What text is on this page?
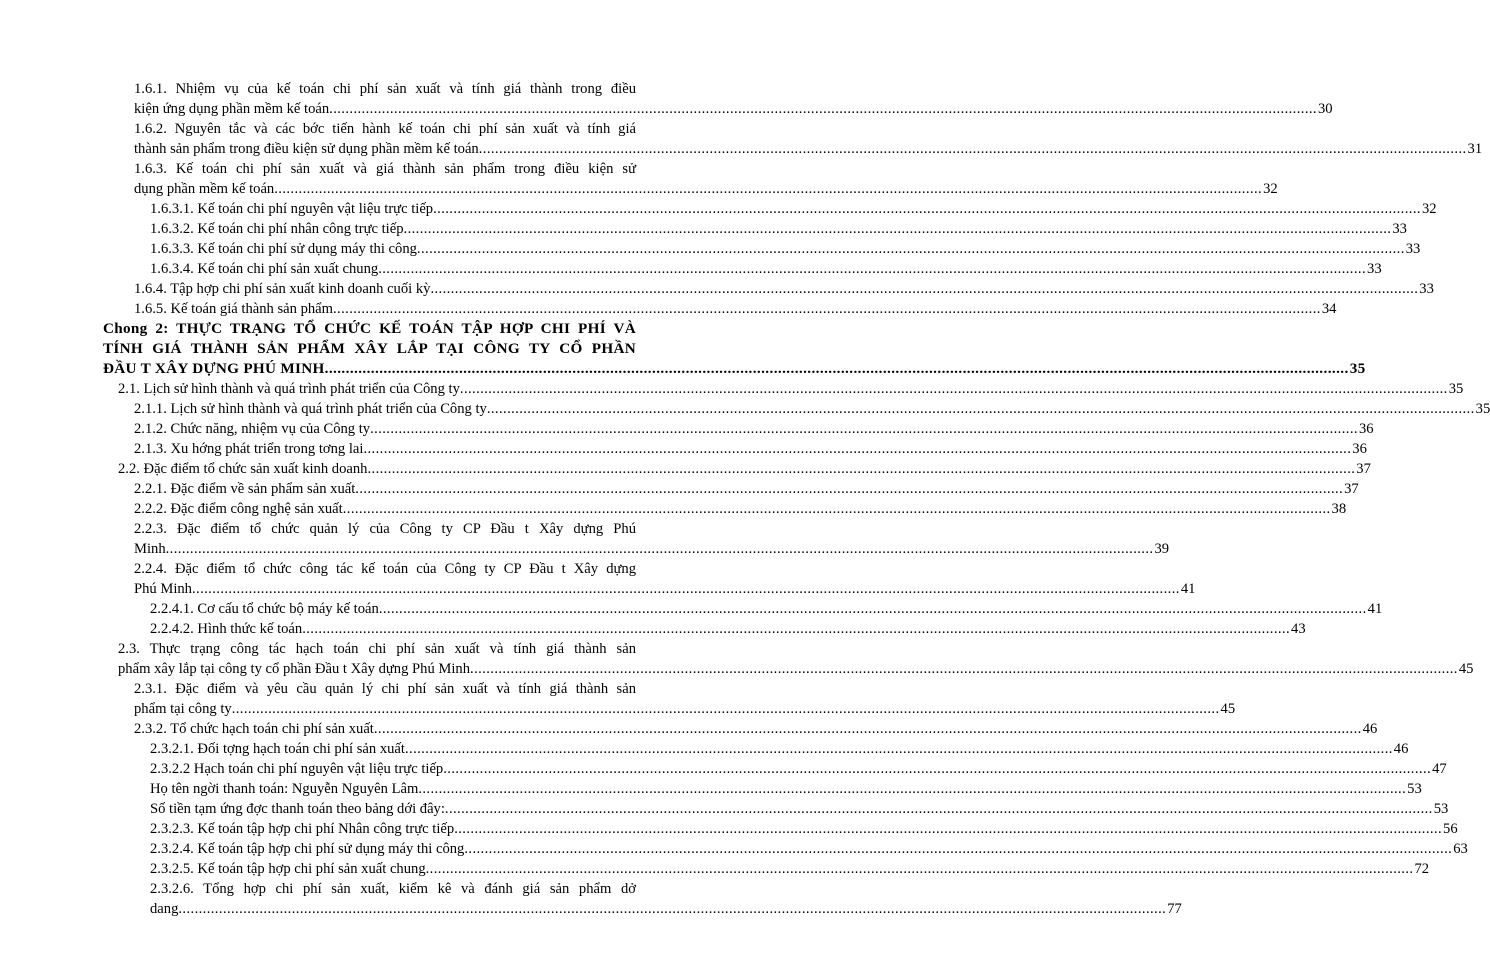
1.6.1. Nhiệm vụ của kế toán chi phí sản xuất và tính giá thành trong điều
kiện ứng dụng phần mềm kế toán .....	30
1.6.2. Nguyên tắc và các bớc tiến hành kế toán chi phí sản xuất và tính giá
thành sản phẩm trong điều kiện sử dụng phần mềm kế toán .....	31
1.6.3. Kế toán chi phí sản xuất và giá thành sản phẩm trong điều kiện sử
dụng phần mềm kế toán .....	32
1.6.3.1. Kế toán chi phí nguyên vật liệu trực tiếp .....	32
1.6.3.2. Kế toán chi phí nhân công trực tiếp .....	33
1.6.3.3. Kế toán chi phí sử dụng máy thi công .....	33
1.6.3.4. Kế toán chi phí sản xuất chung .....	33
1.6.4. Tập hợp chi phí sản xuất kinh doanh cuối kỳ .....	33
1.6.5. Kế toán giá thành sản phẩm .....	34
Chong 2: THỰC TRẠNG TỔ CHỨC KẾ TOÁN TẬP HỢP CHI PHÍ VÀ
TÍNH GIÁ THÀNH SẢN PHẨM XÂY LẮP TẠI CÔNG TY CỔ PHẦN
ĐẦU T XÂY DỰNG PHÚ MINH .....	35
2.1. Lịch sử hình thành và quá trình phát triển của Công ty .....	35
2.1.1. Lịch sử hình thành và quá trình phát triển của Công ty .....	35
2.1.2. Chức năng, nhiệm vụ của Công ty .....	36
2.1.3. Xu hớng phát triển trong tơng lai .....	36
2.2. Đặc điểm tổ chức sản xuất kinh doanh .....	37
2.2.1. Đặc điểm về sản phẩm sản xuất .....	37
2.2.2. Đặc điểm công nghệ sản xuất .....	38
2.2.3. Đặc điểm tổ chức quản lý của Công ty CP Đầu t Xây dựng Phú
Minh .....	39
2.2.4. Đặc điểm tổ chức công tác kế toán của Công ty CP Đầu t Xây dựng
Phú Minh .....	41
2.2.4.1. Cơ cấu tổ chức bộ máy kế toán .....	41
2.2.4.2. Hình thức kế toán .....	43
2.3. Thực trạng công tác hạch toán chi phí sản xuất và tính giá thành sản
phẩm xây lắp tại công ty cổ phần Đầu t Xây dựng Phú Minh .....	45
2.3.1. Đặc điểm và yêu cầu quản lý chi phí sản xuất và tính giá thành sản
phẩm tại công ty .....	45
2.3.2. Tổ chức hạch toán chi phí sản xuất .....	46
2.3.2.1. Đối tợng hạch toán chi phí sản xuất .....	46
2.3.2.2 Hạch toán chi phí nguyên vật liệu trực tiếp .....	47
Họ tên ngời thanh toán: Nguyễn Nguyên Lâm .....	53
Số tiền tạm ứng đợc thanh toán theo bảng dới đây: .....	53
2.3.2.3. Kế toán tập hợp chi phí Nhân công trực tiếp .....	56
2.3.2.4. Kế toán tập hợp chi phí sử dụng máy thi công .....	63
2.3.2.5. Kế toán tập hợp chi phí sản xuất chung .....	72
2.3.2.6. Tổng hợp chi phí sản xuất, kiểm kê và đánh giá sản phẩm dở
dang .....	77
